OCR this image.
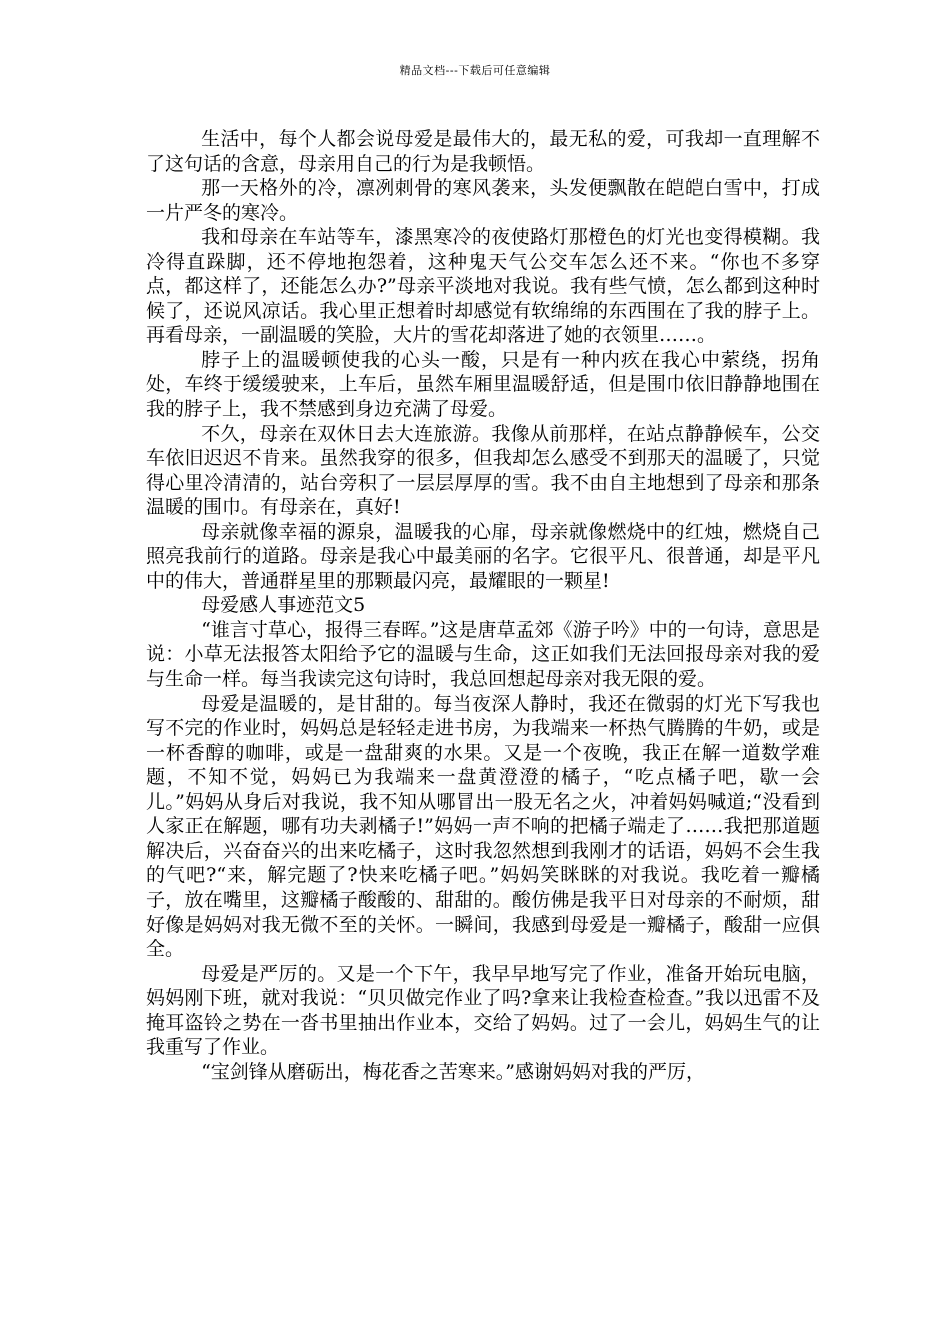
精品文档---下载后可任意编辑

生活中，每个人都会说母爱是最伟大的，最无私的爱，可我却一直理解不了这句话的含意，母亲用自己的行为是我顿悟。

那一天格外的冷，凛冽刺骨的寒风袭来，头发便飘散在皑皑白雪中，打成一片严冬的寒冷。

我和母亲在车站等车，漆黑寒冷的夜使路灯那橙色的灯光也变得模糊。我冷得直跺脚，还不停地抱怨着，这种鬼天气公交车怎么还不来。“你也不多穿点，都这样了，还能怎么办?”母亲平淡地对我说。我有些气愤，怎么都到这种时候了，还说风凉话。我心里正想着时却感觉有软绵绵的东西围在了我的脖子上。再看母亲，一副温暖的笑脸，大片的雪花却落进了她的衣领里……。

脖子上的温暖顿使我的心头一酸，只是有一种内疚在我心中萦绕，拐角处，车终于缓缓驶来，上车后，虽然车厢里温暖舒适，但是围巾依旧静静地围在我的脖子上，我不禁感到身边充满了母爱。

不久，母亲在双休日去大连旅游。我像从前那样，在站点静静候车，公交车依旧迟迟不肯来。虽然我穿的很多，但我却怎么感受不到那天的温暖了，只觉得心里冷清清的，站台旁积了一层层厚厚的雪。我不由自主地想到了母亲和那条温暖的围巾。有母亲在，真好!

母亲就像幸福的源泉，温暖我的心扉，母亲就像燃烧中的红烛，燃烧自己照亮我前行的道路。母亲是我心中最美丽的名字。它很平凡、很普通，却是平凡中的伟大，普通群星里的那颗最闪亮，最耀眼的一颗星!

母爱感人事迹范文5

“谁言寸草心，报得三春晖。”这是唐草孟郊《游子吟》中的一句诗，意思是说：小草无法报答太阳给予它的温暖与生命，这正如我们无法回报母亲对我的爱与生命一样。每当我读完这句诗时，我总回想起母亲对我无限的爱。

母爱是温暖的，是甘甜的。每当夜深人静时，我还在微弱的灯光下写我也写不完的作业时，妈妈总是轻轻走进书房，为我端来一杯热气腾腾的牛奶，或是一杯香醇的咖啡，或是一盘甜爽的水果。又是一个夜晚，我正在解一道数学难题，不知不觉，妈妈已为我端来一盘黄澄澄的橘子，“吃点橘子吧，歇一会儿。”妈妈从身后对我说，我不知从哪冒出一股无名之火，冲着妈妈喊道;“没看到人家正在解题，哪有功夫剥橘子!”妈妈一声不响的把橘子端走了……我把那道题解决后，兴奋奋兴的出来吃橘子，这时我忽然想到我刚才的话语，妈妈不会生我的气吧?“来，解完题了?快来吃橘子吧。”妈妈笑眯眯的对我说。我吃着一瓣橘子，放在嘴里，这瓣橘子酸酸的、甜甜的。酸仿佛是我平日对母亲的不耐烦，甜好像是妈妈对我无微不至的关怀。一瞬间，我感到母爱是一瓣橘子，酸甜一应俱全。

母爱是严厉的。又是一个下午，我早早地写完了作业，准备开始玩电脑，妈妈刚下班，就对我说：“贝贝做完作业了吗?拿来让我检查检查。”我以迅雷不及掩耳盗铃之势在一沓书里抽出作业本，交给了妈妈。过了一会儿，妈妈生气的让我重写了作业。

“宝剑锋从磨砺出，梅花香之苦寒来。”感谢妈妈对我的严厉，
